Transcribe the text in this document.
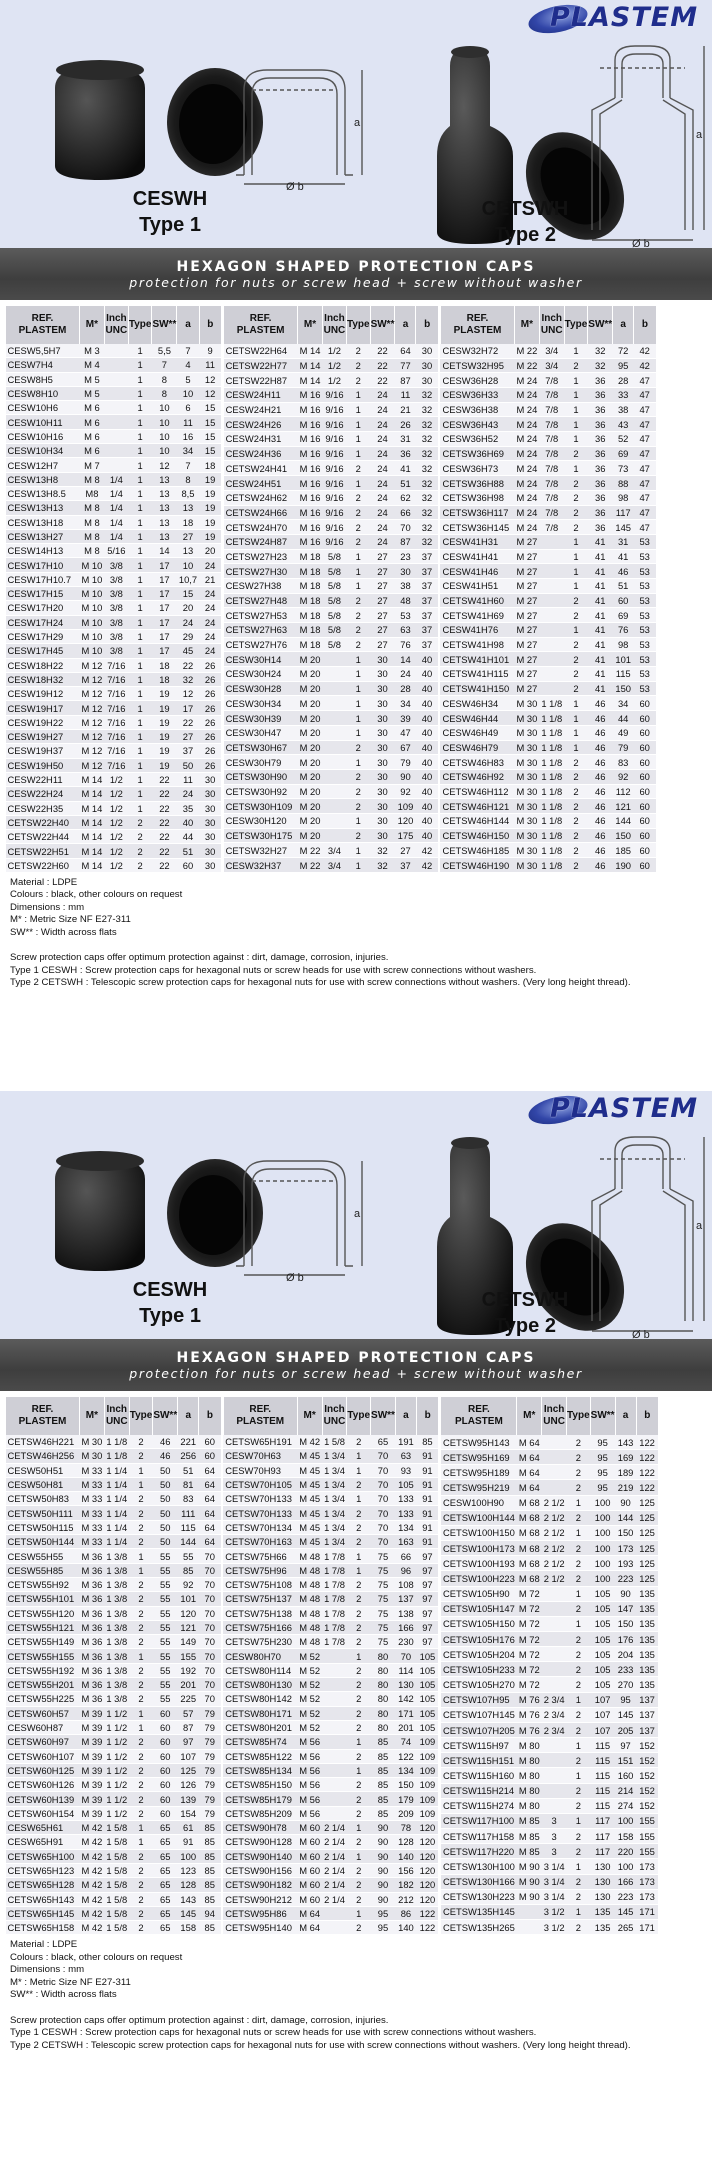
PLASTEM
a
Ø b
CESWH
Type 1
a
Ø b
CETSWH
Type 2
HEXAGON SHAPED PROTECTION CAPS
protection for nuts or screw head + screw without washer
REF.
PLASTEM	M*	Inch
UNC	Type	SW**	a	b
CESW5,5H7	M 3		1	5,5	7	9
CESW7H4	M 4		1	7	4	11
CESW8H5	M 5		1	8	5	12
CESW8H10	M 5		1	8	10	12
CESW10H6	M 6		1	10	6	15
CESW10H11	M 6		1	10	11	15
CESW10H16	M 6		1	10	16	15
CESW10H34	M 6		1	10	34	15
CESW12H7	M 7		1	12	7	18
CESW13H8	M 8	1/4	1	13	8	19
CESW13H8.5	M8	1/4	1	13	8,5	19
CESW13H13	M 8	1/4	1	13	13	19
CESW13H18	M 8	1/4	1	13	18	19
CESW13H27	M 8	1/4	1	13	27	19
CESW14H13	M 8	5/16	1	14	13	20
CESW17H10	M 10	3/8	1	17	10	24
CESW17H10.7	M 10	3/8	1	17	10,7	21
CESW17H15	M 10	3/8	1	17	15	24
CESW17H20	M 10	3/8	1	17	20	24
CESW17H24	M 10	3/8	1	17	24	24
CESW17H29	M 10	3/8	1	17	29	24
CESW17H45	M 10	3/8	1	17	45	24
CESW18H22	M 12	7/16	1	18	22	26
CESW18H32	M 12	7/16	1	18	32	26
CESW19H12	M 12	7/16	1	19	12	26
CESW19H17	M 12	7/16	1	19	17	26
CESW19H22	M 12	7/16	1	19	22	26
CESW19H27	M 12	7/16	1	19	27	26
CESW19H37	M 12	7/16	1	19	37	26
CESW19H50	M 12	7/16	1	19	50	26
CESW22H11	M 14	1/2	1	22	11	30
CESW22H24	M 14	1/2	1	22	24	30
CESW22H35	M 14	1/2	1	22	35	30
CETSW22H40	M 14	1/2	2	22	40	30
CETSW22H44	M 14	1/2	2	22	44	30
CETSW22H51	M 14	1/2	2	22	51	30
CETSW22H60	M 14	1/2	2	22	60	30
REF.
PLASTEM	M*	Inch
UNC	Type	SW**	a	b
CETSW22H64	M 14	1/2	2	22	64	30
CETSW22H77	M 14	1/2	2	22	77	30
CETSW22H87	M 14	1/2	2	22	87	30
CESW24H11	M 16	9/16	1	24	11	32
CESW24H21	M 16	9/16	1	24	21	32
CESW24H26	M 16	9/16	1	24	26	32
CESW24H31	M 16	9/16	1	24	31	32
CESW24H36	M 16	9/16	1	24	36	32
CETSW24H41	M 16	9/16	2	24	41	32
CESW24H51	M 16	9/16	1	24	51	32
CETSW24H62	M 16	9/16	2	24	62	32
CETSW24H66	M 16	9/16	2	24	66	32
CETSW24H70	M 16	9/16	2	24	70	32
CETSW24H87	M 16	9/16	2	24	87	32
CETSW27H23	M 18	5/8	1	27	23	37
CETSW27H30	M 18	5/8	1	27	30	37
CESW27H38	M 18	5/8	1	27	38	37
CETSW27H48	M 18	5/8	2	27	48	37
CETSW27H53	M 18	5/8	2	27	53	37
CETSW27H63	M 18	5/8	2	27	63	37
CETSW27H76	M 18	5/8	2	27	76	37
CESW30H14	M 20		1	30	14	40
CESW30H24	M 20		1	30	24	40
CESW30H28	M 20		1	30	28	40
CESW30H34	M 20		1	30	34	40
CESW30H39	M 20		1	30	39	40
CESW30H47	M 20		1	30	47	40
CETSW30H67	M 20		2	30	67	40
CESW30H79	M 20		1	30	79	40
CETSW30H90	M 20		2	30	90	40
CETSW30H92	M 20		2	30	92	40
CETSW30H109	M 20		2	30	109	40
CESW30H120	M 20		1	30	120	40
CETSW30H175	M 20		2	30	175	40
CETSW32H27	M 22	3/4	1	32	27	42
CESW32H37	M 22	3/4	1	32	37	42
REF.
PLASTEM	M*	Inch
UNC	Type	SW**	a	b
CESW32H72	M 22	3/4	1	32	72	42
CETSW32H95	M 22	3/4	2	32	95	42
CESW36H28	M 24	7/8	1	36	28	47
CESW36H33	M 24	7/8	1	36	33	47
CESW36H38	M 24	7/8	1	36	38	47
CESW36H43	M 24	7/8	1	36	43	47
CESW36H52	M 24	7/8	1	36	52	47
CETSW36H69	M 24	7/8	2	36	69	47
CESW36H73	M 24	7/8	1	36	73	47
CETSW36H88	M 24	7/8	2	36	88	47
CETSW36H98	M 24	7/8	2	36	98	47
CETSW36H117	M 24	7/8	2	36	117	47
CETSW36H145	M 24	7/8	2	36	145	47
CESW41H31	M 27		1	41	31	53
CESW41H41	M 27		1	41	41	53
CESW41H46	M 27		1	41	46	53
CESW41H51	M 27		1	41	51	53
CETSW41H60	M 27		2	41	60	53
CETSW41H69	M 27		2	41	69	53
CESW41H76	M 27		1	41	76	53
CETSW41H98	M 27		2	41	98	53
CETSW41H101	M 27		2	41	101	53
CETSW41H115	M 27		2	41	115	53
CETSW41H150	M 27		2	41	150	53
CESW46H34	M 30	1 1/8	1	46	34	60
CESW46H44	M 30	1 1/8	1	46	44	60
CESW46H49	M 30	1 1/8	1	46	49	60
CESW46H79	M 30	1 1/8	1	46	79	60
CETSW46H83	M 30	1 1/8	2	46	83	60
CETSW46H92	M 30	1 1/8	2	46	92	60
CETSW46H112	M 30	1 1/8	2	46	112	60
CETSW46H121	M 30	1 1/8	2	46	121	60
CETSW46H144	M 30	1 1/8	2	46	144	60
CETSW46H150	M 30	1 1/8	2	46	150	60
CETSW46H185	M 30	1 1/8	2	46	185	60
CETSW46H190	M 30	1 1/8	2	46	190	60
Material : LDPE
Colours : black, other colours on request
Dimensions : mm
M* : Metric Size NF E27-311
SW** : Width across flats
Screw protection caps offer optimum protection against : dirt, damage, corrosion, injuries.
Type 1 CESWH : Screw protection caps for hexagonal nuts or screw heads for use with screw connections without washers.
Type 2 CETSWH : Telescopic screw protection caps for hexagonal nuts for use with screw connections without washers. (Very long height thread).
PLASTEM
a
Ø b
CESWH
Type 1
a
Ø b
CETSWH
Type 2
HEXAGON SHAPED PROTECTION CAPS
protection for nuts or screw head + screw without washer
REF.
PLASTEM	M*	Inch
UNC	Type	SW**	a	b
CETSW46H221	M 30	1 1/8	2	46	221	60
CETSW46H256	M 30	1 1/8	2	46	256	60
CESW50H51	M 33	1 1/4	1	50	51	64
CESW50H81	M 33	1 1/4	1	50	81	64
CETSW50H83	M 33	1 1/4	2	50	83	64
CETSW50H111	M 33	1 1/4	2	50	111	64
CETSW50H115	M 33	1 1/4	2	50	115	64
CETSW50H144	M 33	1 1/4	2	50	144	64
CESW55H55	M 36	1 3/8	1	55	55	70
CESW55H85	M 36	1 3/8	1	55	85	70
CETSW55H92	M 36	1 3/8	2	55	92	70
CETSW55H101	M 36	1 3/8	2	55	101	70
CETSW55H120	M 36	1 3/8	2	55	120	70
CETSW55H121	M 36	1 3/8	2	55	121	70
CETSW55H149	M 36	1 3/8	2	55	149	70
CETSW55H155	M 36	1 3/8	1	55	155	70
CETSW55H192	M 36	1 3/8	2	55	192	70
CETSW55H201	M 36	1 3/8	2	55	201	70
CETSW55H225	M 36	1 3/8	2	55	225	70
CETSW60H57	M 39	1 1/2	1	60	57	79
CESW60H87	M 39	1 1/2	1	60	87	79
CETSW60H97	M 39	1 1/2	2	60	97	79
CETSW60H107	M 39	1 1/2	2	60	107	79
CETSW60H125	M 39	1 1/2	2	60	125	79
CETSW60H126	M 39	1 1/2	2	60	126	79
CETSW60H139	M 39	1 1/2	2	60	139	79
CETSW60H154	M 39	1 1/2	2	60	154	79
CESW65H61	M 42	1 5/8	1	65	61	85
CESW65H91	M 42	1 5/8	1	65	91	85
CETSW65H100	M 42	1 5/8	2	65	100	85
CETSW65H123	M 42	1 5/8	2	65	123	85
CETSW65H128	M 42	1 5/8	2	65	128	85
CETSW65H143	M 42	1 5/8	2	65	143	85
CETSW65H145	M 42	1 5/8	2	65	145	94
CETSW65H158	M 42	1 5/8	2	65	158	85
REF.
PLASTEM	M*	Inch
UNC	Type	SW**	a	b
CETSW65H191	M 42	1 5/8	2	65	191	85
CESW70H63	M 45	1 3/4	1	70	63	91
CESW70H93	M 45	1 3/4	1	70	93	91
CETSW70H105	M 45	1 3/4	2	70	105	91
CETSW70H133	M 45	1 3/4	1	70	133	91
CETSW70H133	M 45	1 3/4	2	70	133	91
CETSW70H134	M 45	1 3/4	2	70	134	91
CETSW70H163	M 45	1 3/4	2	70	163	91
CETSW75H66	M 48	1 7/8	1	75	66	97
CETSW75H96	M 48	1 7/8	1	75	96	97
CETSW75H108	M 48	1 7/8	2	75	108	97
CETSW75H137	M 48	1 7/8	2	75	137	97
CETSW75H138	M 48	1 7/8	2	75	138	97
CETSW75H166	M 48	1 7/8	2	75	166	97
CETSW75H230	M 48	1 7/8	2	75	230	97
CESW80H70	M 52		1	80	70	105
CETSW80H114	M 52		2	80	114	105
CETSW80H130	M 52		2	80	130	105
CETSW80H142	M 52		2	80	142	105
CETSW80H171	M 52		2	80	171	105
CETSW80H201	M 52		2	80	201	105
CETSW85H74	M 56		1	85	74	109
CETSW85H122	M 56		2	85	122	109
CETSW85H134	M 56		1	85	134	109
CETSW85H150	M 56		2	85	150	109
CETSW85H179	M 56		2	85	179	109
CETSW85H209	M 56		2	85	209	109
CETSW90H78	M 60	2 1/4	1	90	78	120
CETSW90H128	M 60	2 1/4	2	90	128	120
CETSW90H140	M 60	2 1/4	1	90	140	120
CETSW90H156	M 60	2 1/4	2	90	156	120
CETSW90H182	M 60	2 1/4	2	90	182	120
CETSW90H212	M 60	2 1/4	2	90	212	120
CETSW95H86	M 64		1	95	86	122
CETSW95H140	M 64		2	95	140	122
REF.
PLASTEM	M*	Inch
UNC	Type	SW**	a	b
CETSW95H143	M 64		2	95	143	122
CETSW95H169	M 64		2	95	169	122
CETSW95H189	M 64		2	95	189	122
CETSW95H219	M 64		2	95	219	122
CESW100H90	M 68	2 1/2	1	100	90	125
CETSW100H144	M 68	2 1/2	2	100	144	125
CETSW100H150	M 68	2 1/2	1	100	150	125
CETSW100H173	M 68	2 1/2	2	100	173	125
CETSW100H193	M 68	2 1/2	2	100	193	125
CETSW100H223	M 68	2 1/2	2	100	223	125
CETSW105H90	M 72		1	105	90	135
CETSW105H147	M 72		2	105	147	135
CETSW105H150	M 72		1	105	150	135
CETSW105H176	M 72		2	105	176	135
CETSW105H204	M 72		2	105	204	135
CETSW105H233	M 72		2	105	233	135
CETSW105H270	M 72		2	105	270	135
CETSW107H95	M 76	2 3/4	1	107	95	137
CETSW107H145	M 76	2 3/4	2	107	145	137
CETSW107H205	M 76	2 3/4	2	107	205	137
CETSW115H97	M 80		1	115	97	152
CETSW115H151	M 80		2	115	151	152
CETSW115H160	M 80		1	115	160	152
CETSW115H214	M 80		2	115	214	152
CETSW115H274	M 80		2	115	274	152
CETSW117H100	M 85	3	1	117	100	155
CETSW117H158	M 85	3	2	117	158	155
CETSW117H220	M 85	3	2	117	220	155
CETSW130H100	M 90	3 1/4	1	130	100	173
CETSW130H166	M 90	3 1/4	2	130	166	173
CETSW130H223	M 90	3 1/4	2	130	223	173
CETSW135H145		3 1/2	1	135	145	171
CETSW135H265		3 1/2	2	135	265	171
Material : LDPE
Colours : black, other colours on request
Dimensions : mm
M* : Metric Size NF E27-311
SW** : Width across flats
Screw protection caps offer optimum protection against : dirt, damage, corrosion, injuries.
Type 1 CESWH : Screw protection caps for hexagonal nuts or screw heads for use with screw connections without washers.
Type 2 CETSWH : Telescopic screw protection caps for hexagonal nuts for use with screw connections without washers. (Very long height thread).
